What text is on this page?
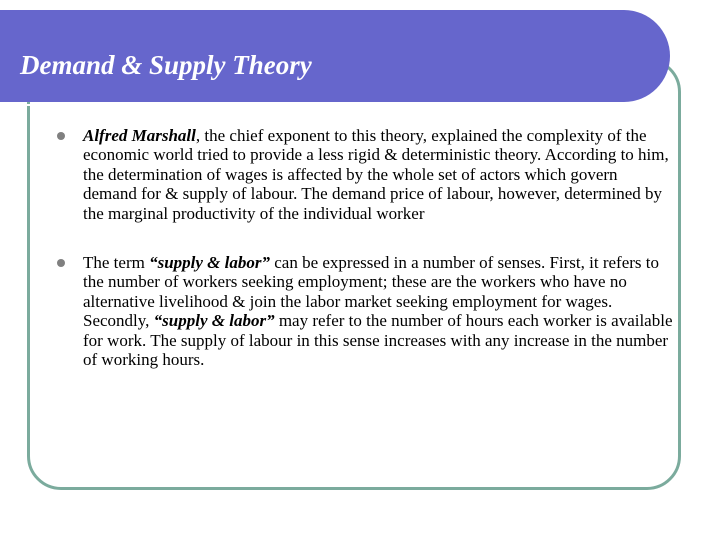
Demand & Supply Theory
Alfred Marshall, the chief exponent to this theory, explained the complexity of the economic world tried to provide a less rigid & deterministic theory. According to him, the determination of wages is affected by the whole set of actors which govern demand for & supply of labour. The demand price of labour, however, determined by the marginal productivity of the individual worker
The term “supply & labor” can be expressed in a number of senses. First, it refers to the number of workers seeking employment; these are the workers who have no alternative livelihood & join the labor market seeking employment for wages. Secondly, “supply & labor” may refer to the number of hours each worker is available for work. The supply of labour in this sense increases with any increase in the number of working hours.
